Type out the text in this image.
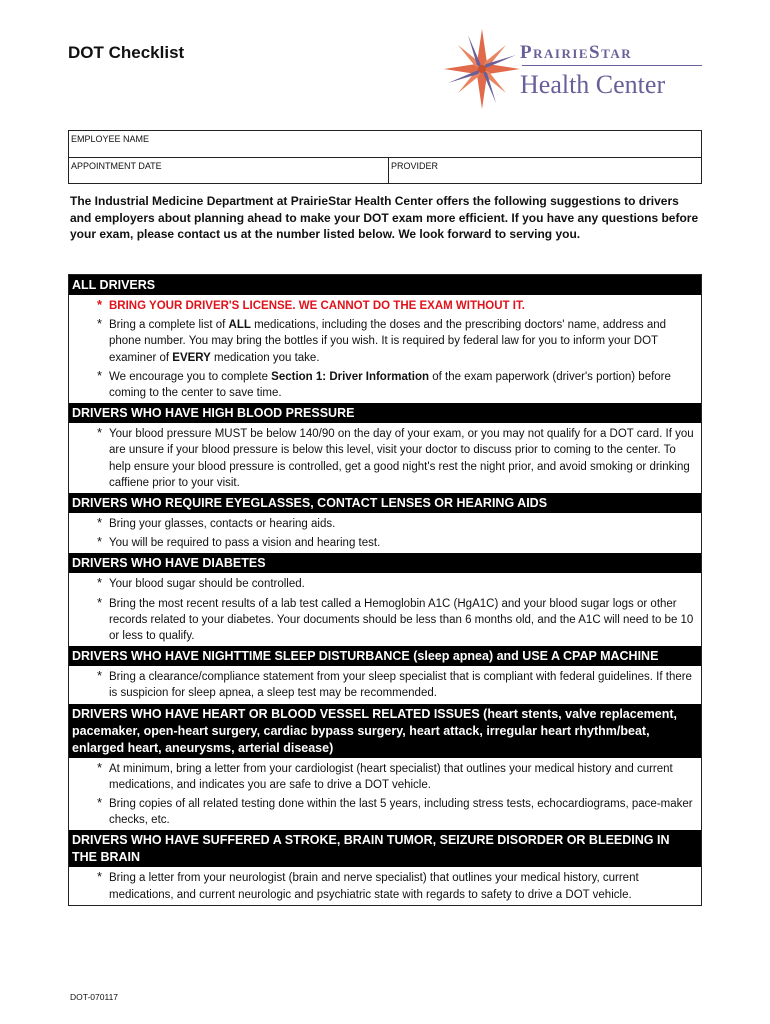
DOT Checklist	PrairieStar
Health Center
EMPLOYEE NAME
APPOINTMENT DATE	PROVIDER
The Industrial Medicine Department at PrairieStar Health Center offers the following suggestions to drivers and employers about planning ahead to make your DOT exam more efficient. If you have any questions before your exam, please contact us at the number listed below. We look forward to serving you.
ALL DRIVERS
* BRING YOUR DRIVER'S LICENSE. WE CANNOT DO THE EXAM WITHOUT IT.
* Bring a complete list of ALL medications, including the doses and the prescribing doctors' name, address and phone number. You may bring the bottles if you wish. It is required by federal law for you to inform your DOT examiner of EVERY medication you take.
* We encourage you to complete Section 1: Driver Information of the exam paperwork (driver's portion) before coming to the center to save time.
DRIVERS WHO HAVE HIGH BLOOD PRESSURE
* Your blood pressure MUST be below 140/90 on the day of your exam, or you may not qualify for a DOT card. If you are unsure if your blood pressure is below this level, visit your doctor to discuss prior to coming to the center. To help ensure your blood pressure is controlled, get a good night's rest the night prior, and avoid smoking or drinking caffiene prior to your visit.
DRIVERS WHO REQUIRE EYEGLASSES, CONTACT LENSES OR HEARING AIDS
* Bring your glasses, contacts or hearing aids.
* You will be required to pass a vision and hearing test.
DRIVERS WHO HAVE DIABETES
* Your blood sugar should be controlled.
* Bring the most recent results of a lab test called a Hemoglobin A1C (HgA1C) and your blood sugar logs or other records related to your diabetes. Your documents should be less than 6 months old, and the A1C will need to be 10 or less to qualify.
DRIVERS WHO HAVE NIGHTTIME SLEEP DISTURBANCE (sleep apnea) and USE A CPAP MACHINE
* Bring a clearance/compliance statement from your sleep specialist that is compliant with federal guidelines. If there is suspicion for sleep apnea, a sleep test may be recommended.
DRIVERS WHO HAVE HEART OR BLOOD VESSEL RELATED ISSUES (heart stents, valve replacement, pacemaker, open-heart surgery, cardiac bypass surgery, heart attack, irregular heart rhythm/beat, enlarged heart, aneurysms, arterial disease)
* At minimum, bring a letter from your cardiologist (heart specialist) that outlines your medical history and current medications, and indicates you are safe to drive a DOT vehicle.
* Bring copies of all related testing done within the last 5 years, including stress tests, echocardiograms, pace-maker checks, etc.
DRIVERS WHO HAVE SUFFERED A STROKE, BRAIN TUMOR, SEIZURE DISORDER OR BLEEDING IN THE BRAIN
* Bring a letter from your neurologist (brain and nerve specialist) that outlines your medical history, current medications, and current neurologic and psychiatric state with regards to safety to drive a DOT vehicle.
DOT-070117
